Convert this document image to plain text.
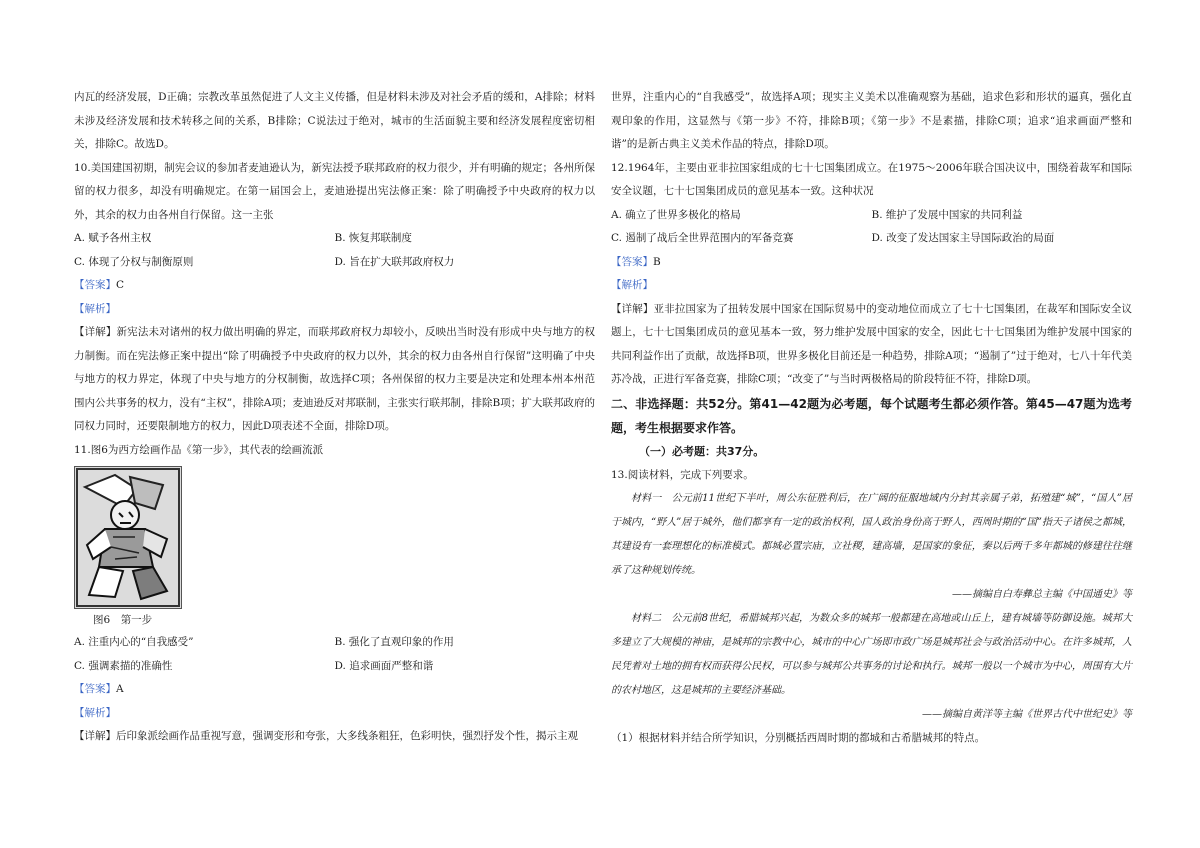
内瓦的经济发展，D正确；宗教改革虽然促进了人文主义传播，但是材料未涉及对社会矛盾的缓和，A排除；材料未涉及经济发展和技术转移之间的关系，B排除；C说法过于绝对，城市的生活面貌主要和经济发展程度密切相关，排除C。故选D。

10.美国建国初期，制宪会议的参加者麦迪逊认为，新宪法授予联邦政府的权力很少，并有明确的规定；各州所保留的权力很多，却没有明确规定。在第一届国会上，麦迪逊提出宪法修正案：除了明确授予中央政府的权力以外，其余的权力由各州自行保留。这一主张

A. 赋予各州主权	B. 恢复邦联制度
C. 体现了分权与制衡原则	D. 旨在扩大联邦政府权力

【答案】C

【解析】

【详解】新宪法未对诸州的权力做出明确的界定，而联邦政府权力却较小，反映出当时没有形成中央与地方的权力制衡。而在宪法修正案中提出“除了明确授予中央政府的权力以外，其余的权力由各州自行保留”这明确了中央与地方的权力界定，体现了中央与地方的分权制衡，故选择C项；各州保留的权力主要是决定和处理本州本州范围内公共事务的权力，没有“主权”，排除A项；麦迪逊反对邦联制，主张实行联邦制，排除B项；扩大联邦政府的同权力同时，还要限制地方的权力，因此D项表述不全面，排除D项。

11.图6为西方绘画作品《第一步》，其代表的绘画流派

图6　 第一步

A. 注重内心的“自我感受”	B. 强化了直观印象的作用
C. 强调素描的准确性	D. 追求画面严整和谐

【答案】A

【解析】

【详解】后印象派绘画作品重视写意，强调变形和夸张，大多线条粗狂，色彩明快，强烈抒发个性，揭示主观

世界，注重内心的“自我感受”，故选择A项；现实主义美术以准确观察为基础，追求色彩和形状的逼真，强化直观印象的作用，这显然与《第一步》不符，排除B项；《第一步》不是素描，排除C项；追求“追求画面严整和谐”的是新古典主义美术作品的特点，排除D项。

12.1964年，主要由亚非拉国家组成的七十七国集团成立。在1975～2006年联合国决议中，围绕着裁军和国际安全议题，七十七国集团成员的意见基本一致。这种状况

A. 确立了世界多极化的格局	B. 维护了发展中国家的共同利益
C. 遏制了战后全世界范围内的军备竞赛	D. 改变了发达国家主导国际政治的局面

【答案】B

【解析】

【详解】亚非拉国家为了扭转发展中国家在国际贸易中的变动地位而成立了七十七国集团，在裁军和国际安全议题上，七十七国集团成员的意见基本一致，努力维护发展中国家的安全，因此七十七国集团为维护发展中国家的共同利益作出了贡献，故选择B项，世界多极化目前还是一种趋势，排除A项；“遏制了”过于绝对，七八十年代美苏冷战，正进行军备竞赛，排除C项；“改变了”与当时两极格局的阶段特征不符，排除D项。

二、非选择题：共52分。第41—42题为必考题，每个试题考生都必须作答。第45—47题为选考题，考生根据要求作答。

（一）必考题：共37分。

13.阅读材料，完成下列要求。

材料一　公元前11世纪下半叶，周公东征胜利后，在广阔的征服地域内分封其亲属子弟，拓殖建“城”，“国人”居于城内，“野人”居于城外，他们都享有一定的政治权利，国人政治身份高于野人，西周时期的“国”指天子诸侯之都城，其建设有一套理想化的标准模式。都城必置宗庙，立社稷，建高墙，是国家的象征，秦以后两千多年都城的修建往往继承了这种规划传统。

——摘编自白寿彝总主编《中国通史》等

材料二　公元前8世纪，希腊城邦兴起，为数众多的城邦一般都建在高地或山丘上，建有城墙等防御设施。城邦大多建立了大规模的神庙，是城邦的宗教中心，城市的中心广场即市政广场是城邦社会与政治活动中心。在许多城邦，人民凭着对土地的拥有权而获得公民权，可以参与城邦公共事务的讨论和执行。城邦一般以一个城市为中心，周围有大片的农村地区，这是城邦的主要经济基础。

——摘编自黄洋等主编《世界古代中世纪史》等

（1）根据材料并结合所学知识，分别概括西周时期的都城和古希腊城邦的特点。
